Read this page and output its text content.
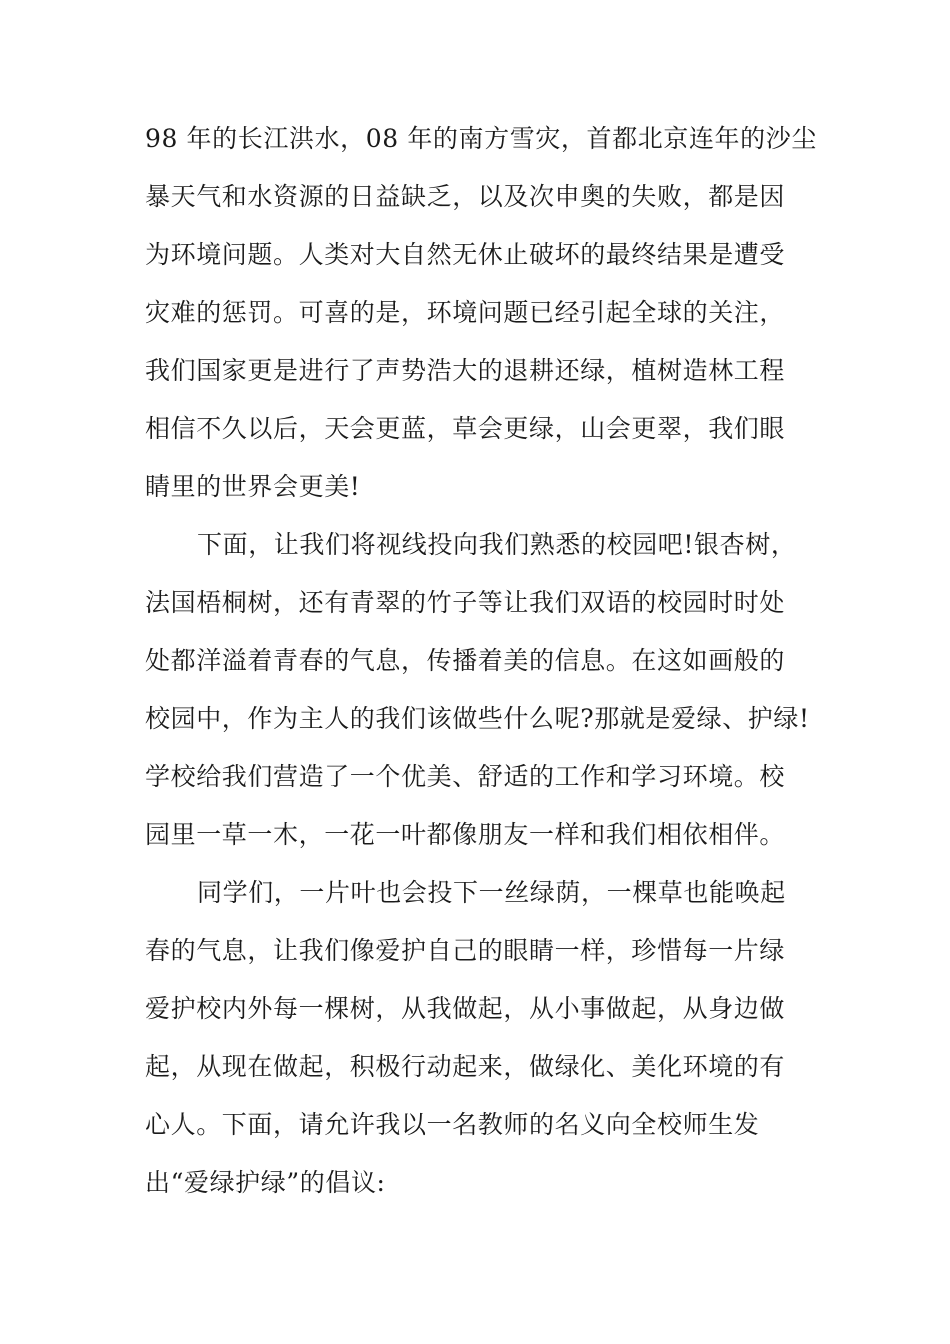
98 年的长江洪水，08 年的南方雪灾，首都北京连年的沙尘
暴天气和水资源的日益缺乏，以及次申奥的失败，都是因
为环境问题。人类对大自然无休止破坏的最终结果是遭受
灾难的惩罚。可喜的是，环境问题已经引起全球的关注，
我们国家更是进行了声势浩大的退耕还绿，植树造林工程
相信不久以后，天会更蓝，草会更绿，山会更翠，我们眼
睛里的世界会更美!
下面，让我们将视线投向我们熟悉的校园吧!银杏树，
法国梧桐树，还有青翠的竹子等让我们双语的校园时时处
处都洋溢着青春的气息，传播着美的信息。在这如画般的
校园中，作为主人的我们该做些什么呢?那就是爱绿、护绿!
学校给我们营造了一个优美、舒适的工作和学习环境。校
园里一草一木，一花一叶都像朋友一样和我们相依相伴。
同学们，一片叶也会投下一丝绿荫，一棵草也能唤起
春的气息，让我们像爱护自己的眼睛一样，珍惜每一片绿
爱护校内外每一棵树，从我做起，从小事做起，从身边做
起，从现在做起，积极行动起来，做绿化、美化环境的有
心人。下面，请允许我以一名教师的名义向全校师生发
出“爱绿护绿”的倡议:
